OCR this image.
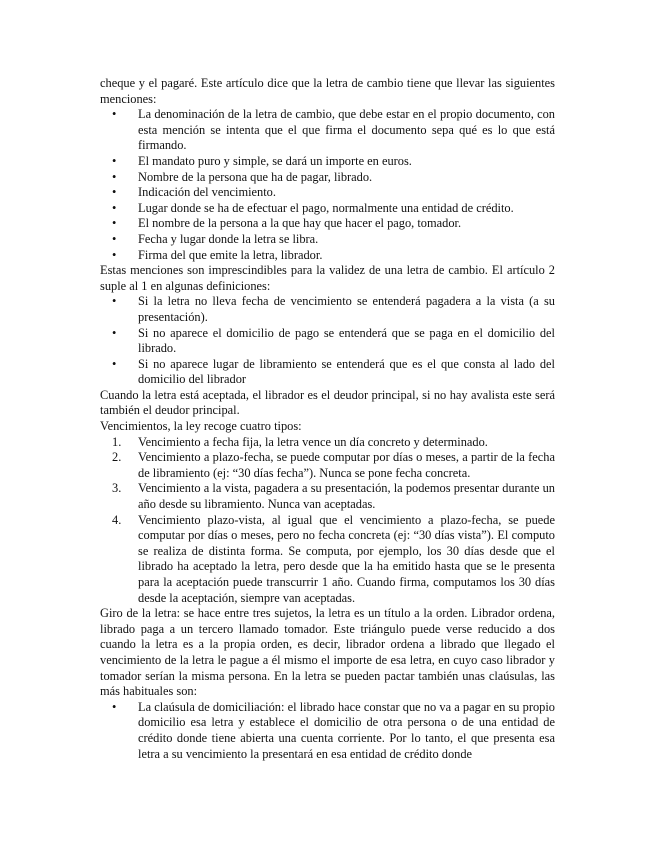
cheque y el pagaré. Este artículo dice que la letra de cambio tiene que llevar las siguientes menciones:

•	La denominación de la letra de cambio, que debe estar en el propio documento, con esta mención se intenta que el que firma el documento sepa qué es lo que está firmando.
•	El mandato puro y simple, se dará un importe en euros.
•	Nombre de la persona que ha de pagar, librado.
•	Indicación del vencimiento.
•	Lugar donde se ha de efectuar el pago, normalmente una entidad de crédito.
•	El nombre de la persona a la que hay que hacer el pago, tomador.
•	Fecha y lugar donde la letra se libra.
•	Firma del que emite la letra, librador.

Estas menciones son imprescindibles para la validez de una letra de cambio. El artículo 2 suple al 1 en algunas definiciones:

•	Si la letra no lleva fecha de vencimiento se entenderá pagadera a la vista (a su presentación).
•	Si no aparece el domicilio de pago se entenderá que se paga en el domicilio del librado.
•	Si no aparece lugar de libramiento se entenderá que es el que consta al lado del domicilio del librador

Cuando la letra está aceptada, el librador es el deudor principal, si no hay avalista este será también el deudor principal.

Vencimientos, la ley recoge cuatro tipos:

1.	Vencimiento a fecha fija, la letra vence un día concreto y determinado.
2.	Vencimiento a plazo-fecha, se puede computar por días o meses, a partir de la fecha de libramiento (ej: “30 días fecha”). Nunca se pone fecha concreta.
3.	Vencimiento a la vista, pagadera a su presentación, la podemos presentar durante un año desde su libramiento. Nunca van aceptadas.
4.	Vencimiento plazo-vista, al igual que el vencimiento a plazo-fecha, se puede computar por días o meses, pero no fecha concreta (ej: “30 días vista”). El computo se realiza de distinta forma. Se computa, por ejemplo, los 30 días desde que el librado ha aceptado la letra, pero desde que la ha emitido hasta que se le presenta para la aceptación puede transcurrir 1 año. Cuando firma, computamos los 30 días desde la aceptación, siempre van aceptadas.

Giro de la letra: se hace entre tres sujetos, la letra es un título a la orden. Librador ordena, librado paga a un tercero llamado tomador. Este triángulo puede verse reducido a dos cuando la letra es a la propia orden, es decir, librador ordena a librado que llegado el vencimiento de la letra le pague a él mismo el importe de esa letra, en cuyo caso librador y tomador serían la misma persona. En la letra se pueden pactar también unas claúsulas, las más habituales son:

•	La claúsula de domiciliación: el librado hace constar que no va a pagar en su propio domicilio esa letra y establece el domicilio de otra persona o de una entidad de crédito donde tiene abierta una cuenta corriente. Por lo tanto, el que presenta esa letra a su vencimiento la presentará en esa entidad de crédito donde
